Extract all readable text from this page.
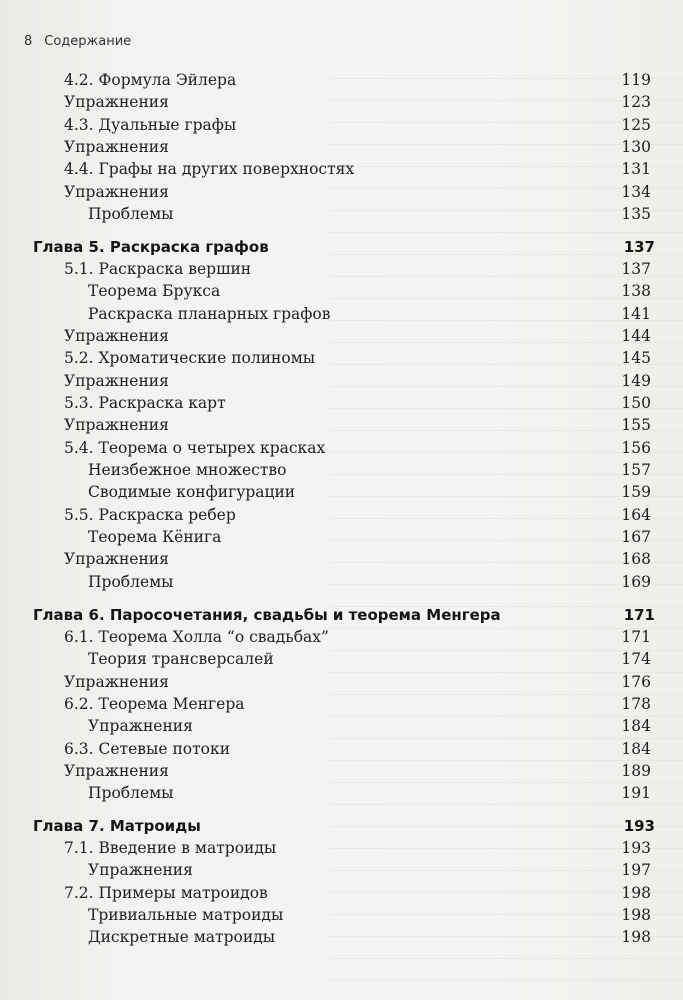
8 Содержание
4.2. Формула Эйлера	119
Упражнения	123
4.3. Дуальные графы	125
Упражнения	130
4.4. Графы на других поверхностях	131
Упражнения	134
Проблемы	135
Глава 5. Раскраска графов	137
5.1. Раскраска вершин	137
Теорема Брукса	138
Раскраска планарных графов	141
Упражнения	144
5.2. Хроматические полиномы	145
Упражнения	149
5.3. Раскраска карт	150
Упражнения	155
5.4. Теорема о четырех красках	156
Неизбежное множество	157
Сводимые конфигурации	159
5.5. Раскраска ребер	164
Теорема Кёнига	167
Упражнения	168
Проблемы	169
Глава 6. Паросочетания, свадьбы и теорема Менгера	171
6.1. Теорема Холла “о свадьбах”	171
Теория трансверсалей	174
Упражнения	176
6.2. Теорема Менгера	178
Упражнения	184
6.3. Сетевые потоки	184
Упражнения	189
Проблемы	191
Глава 7. Матроиды	193
7.1. Введение в матроиды	193
Упражнения	197
7.2. Примеры матроидов	198
Тривиальные матроиды	198
Дискретные матроиды	198
